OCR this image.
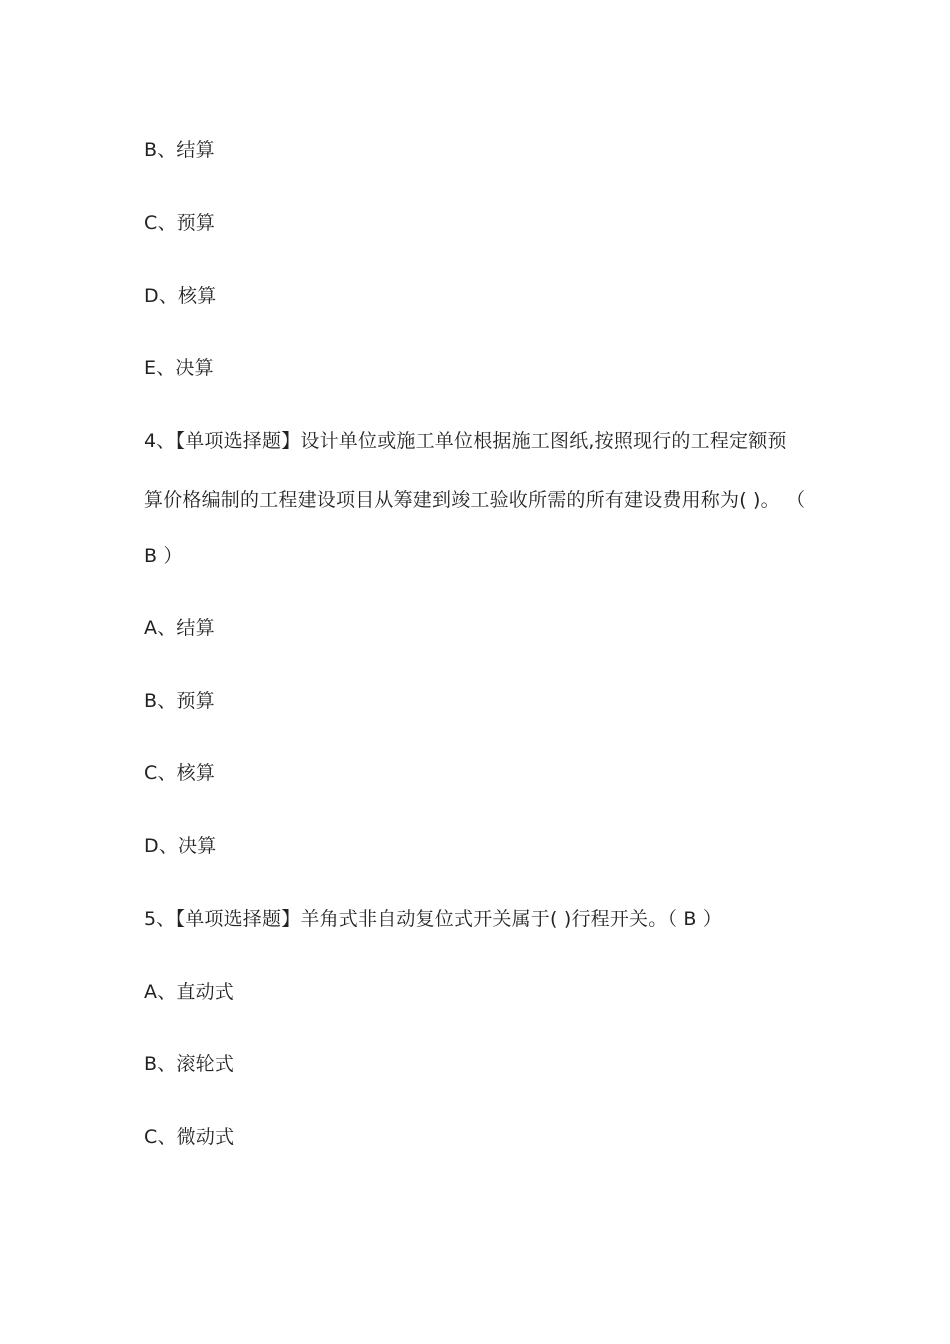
B、结算
C、预算
D、核算
E、决算
4、【单项选择题】设计单位或施工单位根据施工图纸,按照现行的工程定额预
算价格编制的工程建设项目从筹建到竣工验收所需的所有建设费用称为( )。 （
B ）
A、结算
B、预算
C、核算
D、决算
5、【单项选择题】羊角式非自动复位式开关属于( )行程开关。（ B ）
A、直动式
B、滚轮式
C、微动式
